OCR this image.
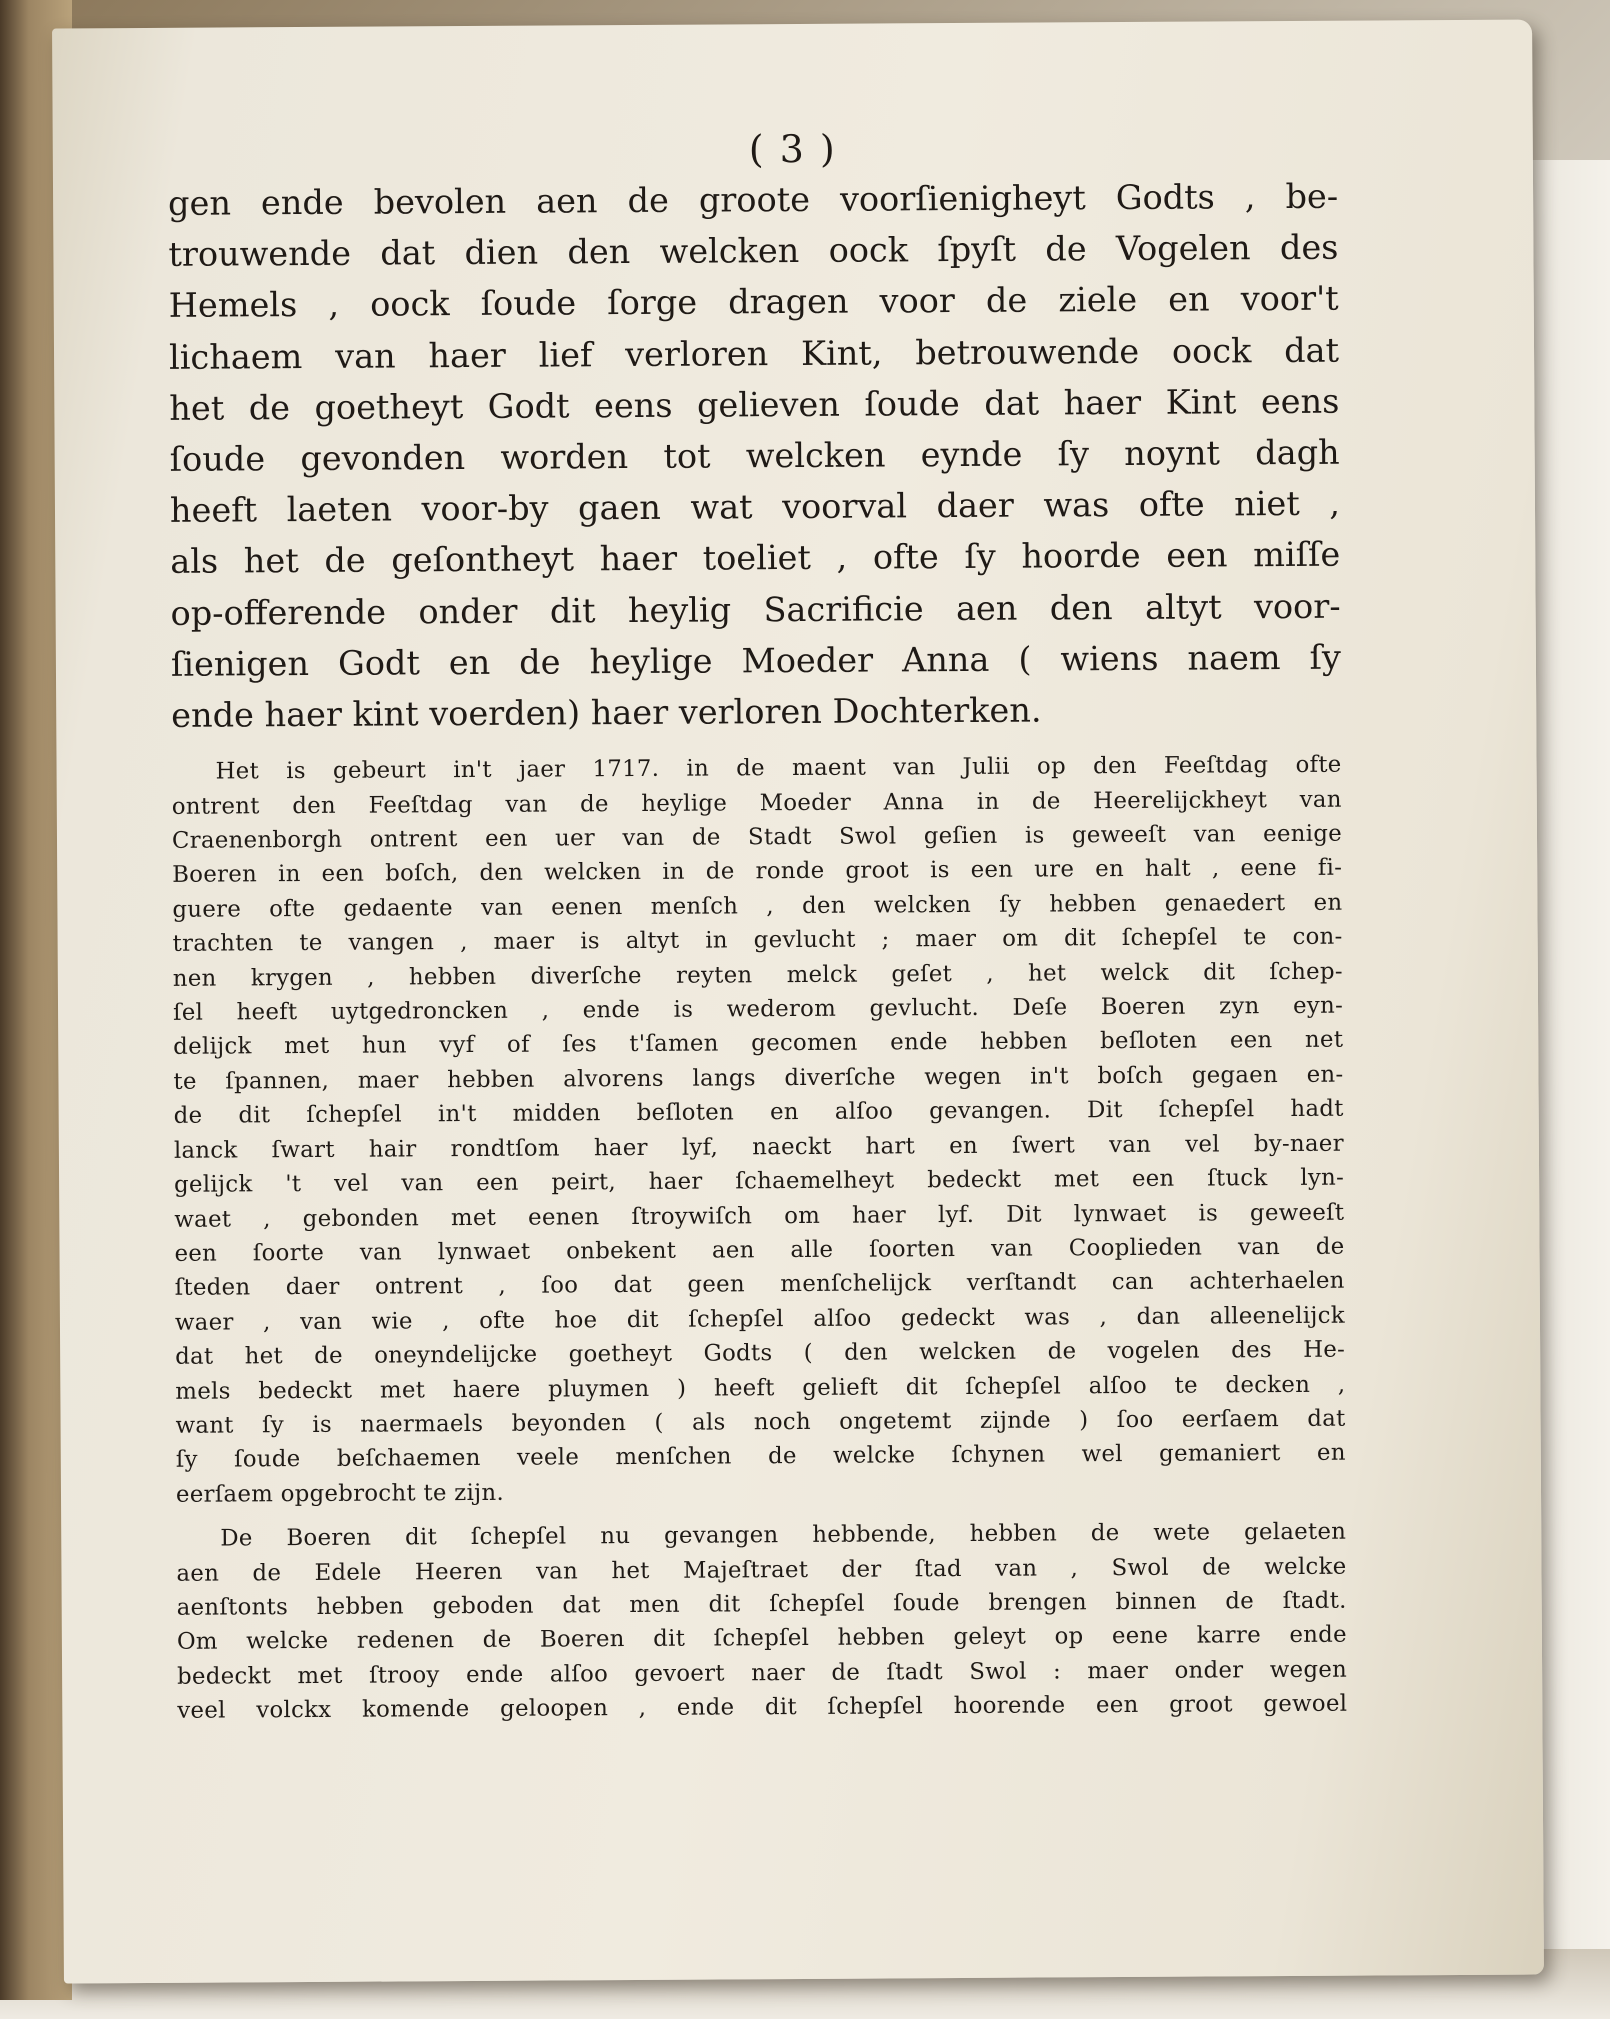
( 3 )
gen ende bevolen aen de groote voorſienigheyt Godts , be-
trouwende dat dien den welcken oock ſpyſt de Vogelen des
Hemels , oock ſoude ſorge dragen voor de ziele en voor't
lichaem van haer lief verloren Kint, betrouwende oock dat
het de goetheyt Godt eens gelieven ſoude dat haer Kint eens
ſoude gevonden worden tot welcken eynde ſy noynt dagh
heeft laeten voor-by gaen wat voorval daer was ofte niet ,
als het de geſontheyt haer toeliet , ofte ſy hoorde een miſſe
op-offerende onder dit heylig Sacrificie aen den altyt voor-
ſienigen Godt en de heylige Moeder Anna ( wiens naem ſy
ende haer kint voerden) haer verloren Dochterken.
Het is gebeurt in't jaer 1717. in de maent van Julii op den Feeſtdag ofte
ontrent den Feeſtdag van de heylige Moeder Anna in de Heerelijckheyt van
Craenenborgh ontrent een uer van de Stadt Swol geſien is geweeſt van eenige
Boeren in een boſch, den welcken in de ronde groot is een ure en halt , eene fi-
guere ofte gedaente van eenen menſch , den welcken ſy hebben genaedert en
trachten te vangen , maer is altyt in gevlucht ; maer om dit ſchepſel te con-
nen krygen , hebben diverſche reyten melck geſet , het welck dit ſchep-
ſel heeft uytgedroncken , ende is wederom gevlucht. Deſe Boeren zyn eyn-
delijck met hun vyf of ſes t'ſamen gecomen ende hebben beſloten een net
te ſpannen, maer hebben alvorens langs diverſche wegen in't boſch gegaen en-
de dit ſchepſel in't midden beſloten en alſoo gevangen. Dit ſchepſel hadt
lanck ſwart hair rondtſom haer lyf, naeckt hart en ſwert van vel by-naer
gelijck 't vel van een peirt, haer ſchaemelheyt bedeckt met een ſtuck lyn-
waet , gebonden met eenen ſtroywiſch om haer lyf. Dit lynwaet is geweeſt
een ſoorte van lynwaet onbekent aen alle ſoorten van Cooplieden van de
ſteden daer ontrent , ſoo dat geen menſchelijck verſtandt can achterhaelen
waer , van wie , ofte hoe dit ſchepſel alſoo gedeckt was , dan alleenelijck
dat het de oneyndelijcke goetheyt Godts ( den welcken de vogelen des He-
mels bedeckt met haere pluymen ) heeft gelieft dit ſchepſel alſoo te decken ,
want ſy is naermaels beyonden ( als noch ongetemt zijnde ) ſoo eerſaem dat
ſy ſoude beſchaemen veele menſchen de welcke ſchynen wel gemaniert en
eerſaem opgebrocht te zijn.
De Boeren dit ſchepſel nu gevangen hebbende, hebben de wete gelaeten
aen de Edele Heeren van het Majeſtraet der ſtad van , Swol de welcke
aenſtonts hebben geboden dat men dit ſchepſel ſoude brengen binnen de ſtadt.
Om welcke redenen de Boeren dit ſchepſel hebben geleyt op eene karre ende
bedeckt met ſtrooy ende alſoo gevoert naer de ſtadt Swol : maer onder wegen
veel volckx komende geloopen , ende dit ſchepſel hoorende een groot gewoel
